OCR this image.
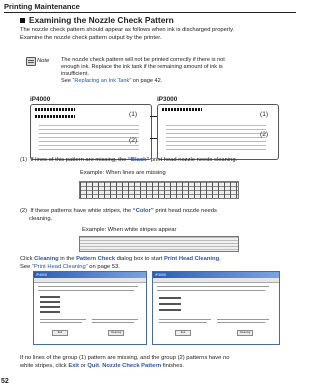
Printing Maintenance
Examining the Nozzle Check Pattern
The nozzle check pattern should appear as follows when ink is discharged properly.
Examine the nozzle check pattern output by the printer.
Note The nozzle check pattern will not be printed correctly if there is not
enough ink. Replace the ink tank if the remaining amount of ink is
insufficient.
See “Replacing an Ink Tank” on page 42.
iP4000	iP3000
(1)
(2)
(1)
(2)
(1) If lines of this pattern are missing, the “Black” print head nozzle needs cleaning.
Example: When lines are missing
(2) If these patterns have white stripes, the “Color” print head nozzle needs
cleaning.
Example: When white stripes appear
Click Cleaning in the Pattern Check dialog box to start Print Head Cleaning.
See “Print Head Cleaning” on page 53.
iP4000
Exit	Cleaning
iP3000
Exit	Cleaning
If no lines of the group (1) pattern are missing, and the group (2) patterns have no
white stripes, click Exit or Quit. Nozzle Check Pattern finishes.
52
